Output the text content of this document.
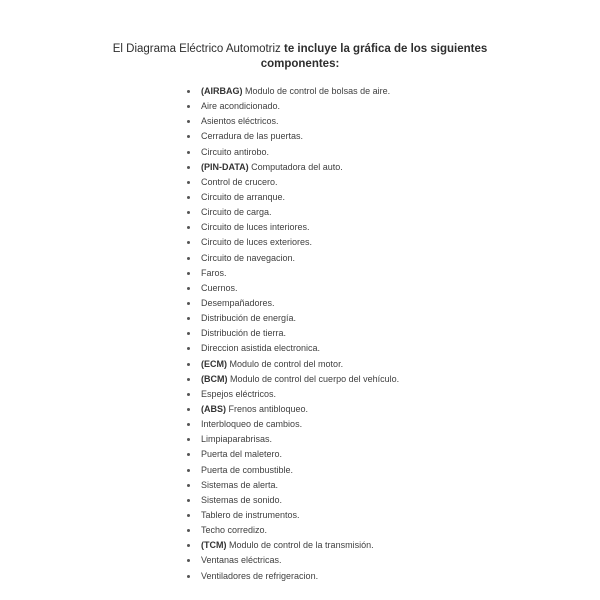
El Diagrama Eléctrico Automotriz te incluye la gráfica de los siguientes componentes:
(AIRBAG) Modulo de control de bolsas de aire.
Aire acondicionado.
Asientos eléctricos.
Cerradura de las puertas.
Circuito antirobo.
(PIN-DATA) Computadora del auto.
Control de crucero.
Circuito de arranque.
Circuito de carga.
Circuito de luces interiores.
Circuito de luces exteriores.
Circuito de navegacion.
Faros.
Cuernos.
Desempañadores.
Distribución de energía.
Distribución de tierra.
Direccion asistida electronica.
(ECM) Modulo de control del motor.
(BCM) Modulo de control del cuerpo del vehículo.
Espejos eléctricos.
(ABS) Frenos antibloqueo.
Interbloqueo de cambios.
Limpiaparabrisas.
Puerta del maletero.
Puerta de combustible.
Sistemas de alerta.
Sistemas de sonido.
Tablero de instrumentos.
Techo corredizo.
(TCM) Modulo de control de la transmisión.
Ventanas eléctricas.
Ventiladores de refrigeracion.
